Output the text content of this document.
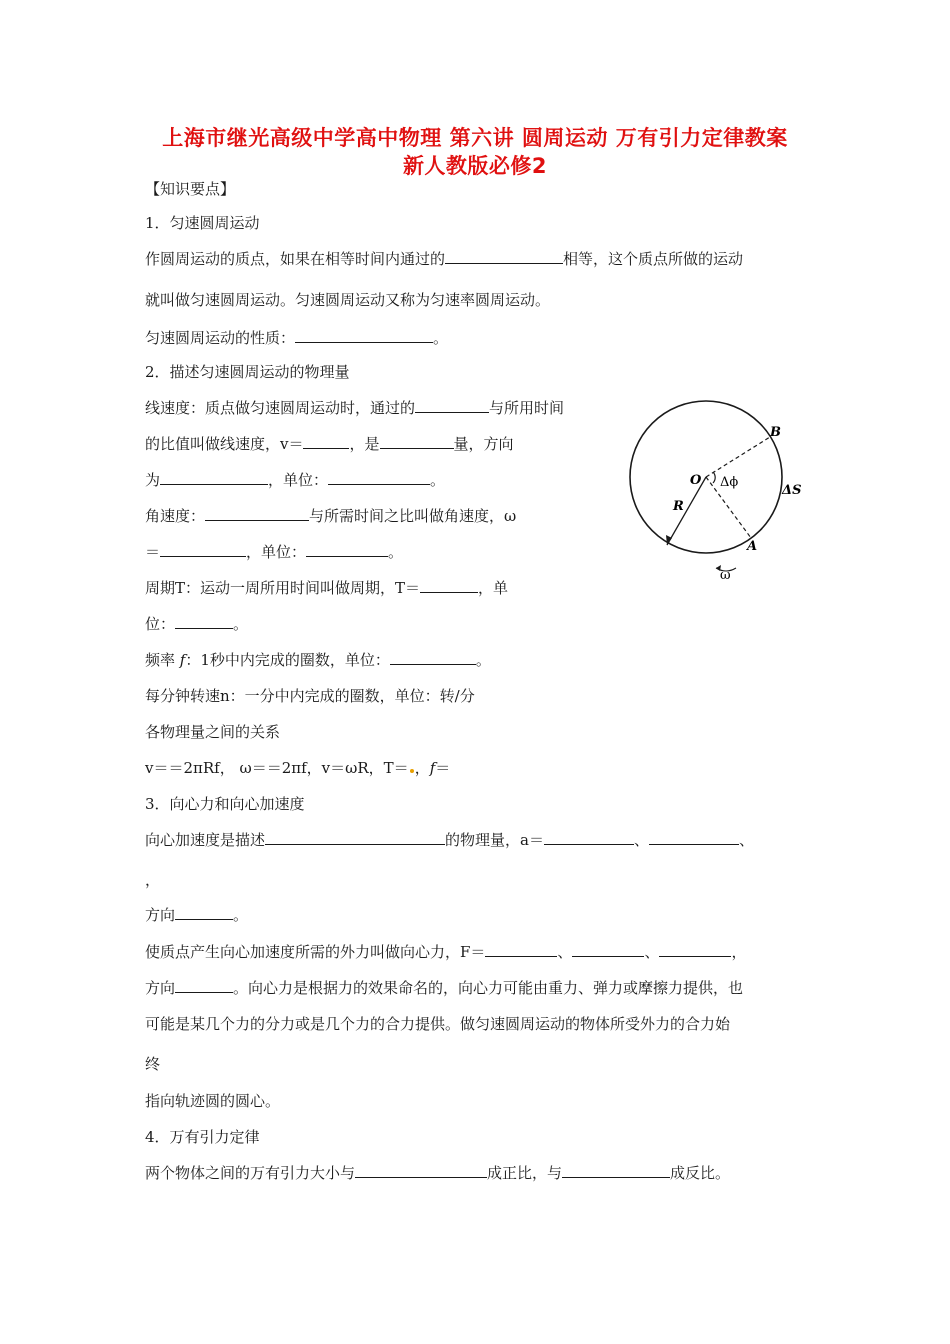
上海市继光高级中学高中物理 第六讲 圆周运动 万有引力定律教案
新人教版必修2
【知识要点】
1．匀速圆周运动
作圆周运动的质点，如果在相等时间内通过的	相等，这个质点所做的运动
就叫做匀速圆周运动。匀速圆周运动又称为匀速率圆周运动。
匀速圆周运动的性质：	。
2．描述匀速圆周运动的物理量
线速度：质点做匀速圆周运动时，通过的	与所用时间
的比值叫做线速度，v＝	，是	量，方向
为	，单位：	。
角速度：	与所需时间之比叫做角速度，ω
＝	，单位：	。
周期T：运动一周所用时间叫做周期，T＝	，单
位：	。
频率 f：1秒中内完成的圈数，单位：	。
每分钟转速n：一分中内完成的圈数，单位：转/分
各物理量之间的关系
v＝＝2πRf， ω＝＝2πf，v＝ωR，T＝ ，f＝
B
O Δϕ
ΔS
R
A
ω
3．向心力和向心加速度
向心加速度是描述	的物理量，a＝	、	、
，
方向	。
使质点产生向心加速度所需的外力叫做向心力，F＝	、	、	，
方向	。向心力是根据力的效果命名的，向心力可能由重力、弹力或摩擦力提供，也
可能是某几个力的分力或是几个力的合力提供。做匀速圆周运动的物体所受外力的合力始
终
指向轨迹圆的圆心。
4．万有引力定律
两个物体之间的万有引力大小与	成正比，与	成反比。
